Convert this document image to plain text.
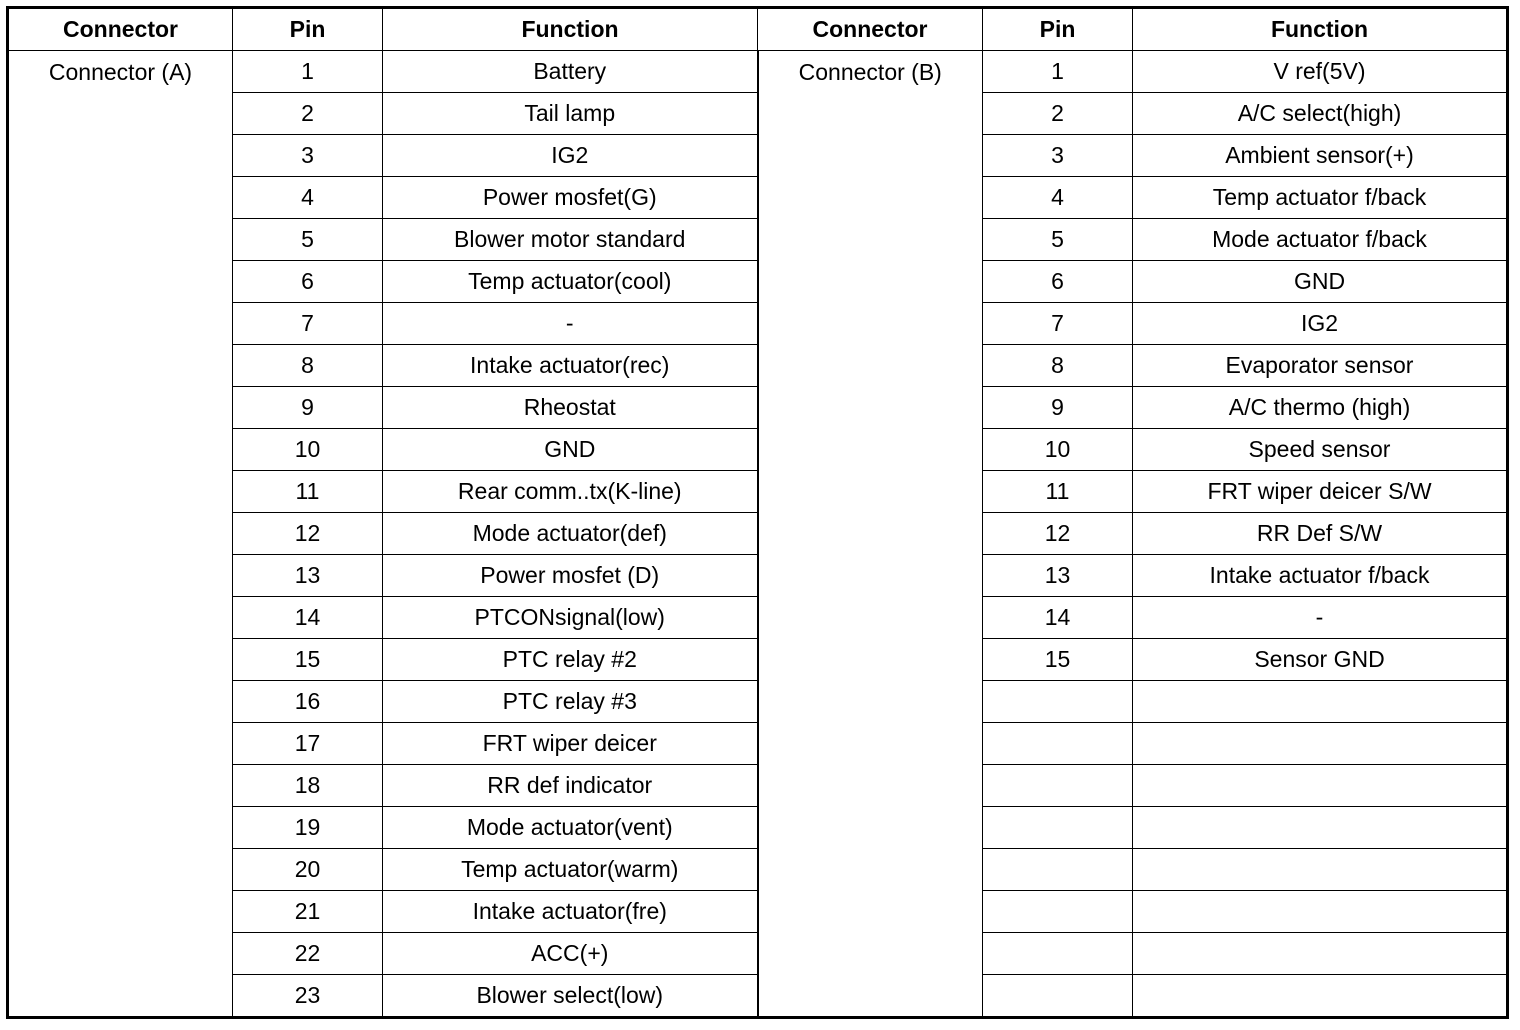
Connector	Pin	Function	Connector	Pin	Function
Connector (A)	1	Battery	Connector (B)	1	V ref(5V)
	2	Tail lamp		2	A/C select(high)
	3	IG2		3	Ambient sensor(+)
	4	Power mosfet(G)		4	Temp actuator f/back
	5	Blower motor standard		5	Mode actuator f/back
	6	Temp actuator(cool)		6	GND
	7	-		7	IG2
	8	Intake actuator(rec)		8	Evaporator sensor
	9	Rheostat		9	A/C thermo (high)
	10	GND		10	Speed sensor
	11	Rear comm..tx(K-line)		11	FRT wiper deicer S/W
	12	Mode actuator(def)		12	RR Def S/W
	13	Power mosfet (D)		13	Intake actuator f/back
	14	PTCONsignal(low)		14	-
	15	PTC relay #2		15	Sensor GND
	16	PTC relay #3			
	17	FRT wiper deicer			
	18	RR def indicator			
	19	Mode actuator(vent)			
	20	Temp actuator(warm)			
	21	Intake actuator(fre)			
	22	ACC(+)			
	23	Blower select(low)			
